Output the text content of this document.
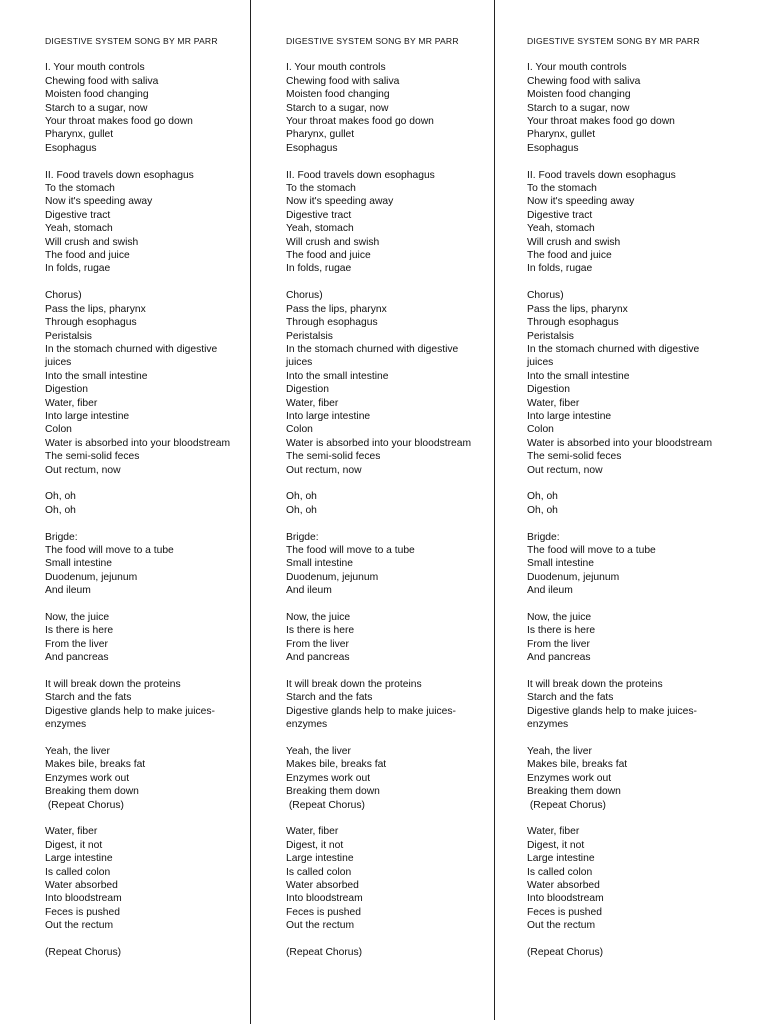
DIGESTIVE SYSTEM SONG BY MR PARR
I. Your mouth controls
Chewing food with saliva
Moisten food changing
Starch to a sugar, now
Your throat makes food go down
Pharynx, gullet
Esophagus
II. Food travels down esophagus
To the stomach
Now it's speeding away
Digestive tract
Yeah, stomach
Will crush and swish
The food and juice
In folds, rugae
Chorus)
Pass the lips, pharynx
Through esophagus
Peristalsis
In the stomach churned with digestive juices
Into the small intestine
Digestion
Water, fiber
Into large intestine
Colon
Water is absorbed into your bloodstream
The semi-solid feces
Out rectum, now
Oh, oh
Oh, oh
Brigde:
The food will move to a tube
Small intestine
Duodenum, jejunum
And ileum
Now, the juice
Is there is here
From the liver
And pancreas
It will break down the proteins
Starch and the fats
Digestive glands help to make juices-enzymes
Yeah, the liver
Makes bile, breaks fat
Enzymes work out
Breaking them down
(Repeat Chorus)
Water, fiber
Digest, it not
Large intestine
Is called colon
Water absorbed
Into bloodstream
Feces is pushed
Out the rectum
(Repeat Chorus)
DIGESTIVE SYSTEM SONG BY MR PARR
I. Your mouth controls
Chewing food with saliva
Moisten food changing
Starch to a sugar, now
Your throat makes food go down
Pharynx, gullet
Esophagus
II. Food travels down esophagus
To the stomach
Now it's speeding away
Digestive tract
Yeah, stomach
Will crush and swish
The food and juice
In folds, rugae
Chorus)
Pass the lips, pharynx
Through esophagus
Peristalsis
In the stomach churned with digestive juices
Into the small intestine
Digestion
Water, fiber
Into large intestine
Colon
Water is absorbed into your bloodstream
The semi-solid feces
Out rectum, now
Oh, oh
Oh, oh
Brigde:
The food will move to a tube
Small intestine
Duodenum, jejunum
And ileum
Now, the juice
Is there is here
From the liver
And pancreas
It will break down the proteins
Starch and the fats
Digestive glands help to make juices-enzymes
Yeah, the liver
Makes bile, breaks fat
Enzymes work out
Breaking them down
(Repeat Chorus)
Water, fiber
Digest, it not
Large intestine
Is called colon
Water absorbed
Into bloodstream
Feces is pushed
Out the rectum
(Repeat Chorus)
DIGESTIVE SYSTEM SONG BY MR PARR
I. Your mouth controls
Chewing food with saliva
Moisten food changing
Starch to a sugar, now
Your throat makes food go down
Pharynx, gullet
Esophagus
II. Food travels down esophagus
To the stomach
Now it's speeding away
Digestive tract
Yeah, stomach
Will crush and swish
The food and juice
In folds, rugae
Chorus)
Pass the lips, pharynx
Through esophagus
Peristalsis
In the stomach churned with digestive juices
Into the small intestine
Digestion
Water, fiber
Into large intestine
Colon
Water is absorbed into your bloodstream
The semi-solid feces
Out rectum, now
Oh, oh
Oh, oh
Brigde:
The food will move to a tube
Small intestine
Duodenum, jejunum
And ileum
Now, the juice
Is there is here
From the liver
And pancreas
It will break down the proteins
Starch and the fats
Digestive glands help to make juices-enzymes
Yeah, the liver
Makes bile, breaks fat
Enzymes work out
Breaking them down
(Repeat Chorus)
Water, fiber
Digest, it not
Large intestine
Is called colon
Water absorbed
Into bloodstream
Feces is pushed
Out the rectum
(Repeat Chorus)
